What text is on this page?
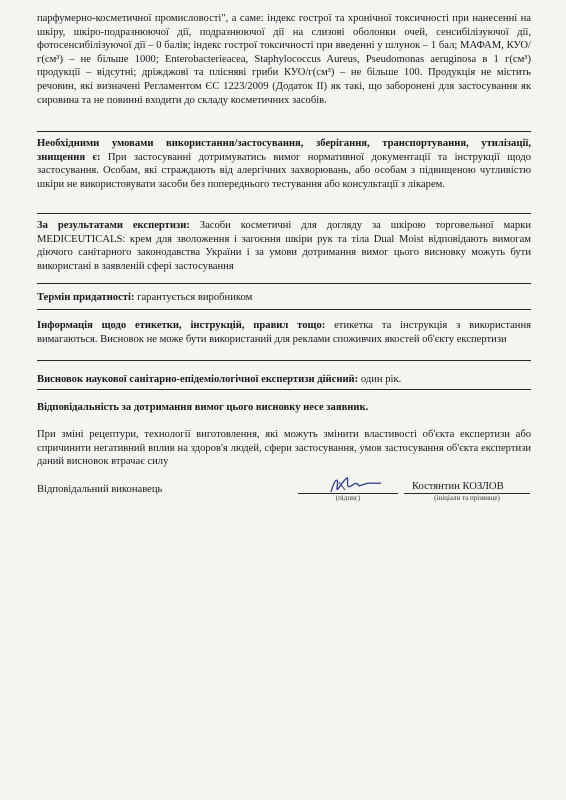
парфумерно-косметичної промисловості", а саме: індекс гострої та хронічної токсичності при нанесенні на шкіру, шкіро-подразнюючої дії, подразнюючої дії на слизові оболонки очей, сенсибілізуючої дії, фотосенсибілізуючої дії – 0 балів; індекс гострої токсичності при введенні у шлунок – 1 бал; МАФАМ, КУО/г(см³) – не більше 1000; Enterobacterieacea, Staphylococcus Aureus, Pseudomonas aeruginosa в 1 г(см³) продукції – відсутні; дріжджові та плісняві гриби КУО/г(см³) – не більше 100. Продукція не містить речовин, які визначені Регламентом ЄС 1223/2009 (Додаток II) як такі, що заборонені для застосування як сировина та не повинні входити до складу косметичних засобів.
Необхідними умовами використання/застосування, зберігання, транспортування, утилізації, знищення є: При застосуванні дотримуватись вимог нормативної документації та інструкції щодо застосування. Особам, які страждають від алергічних захворювань, або особам з підвищеною чутливістю шкіри не використовувати засоби без попереднього тестування або консультації з лікарем.
За результатами експертизи: Засоби косметичні для догляду за шкірою торговельної марки MEDICEUTICALS: крем для зволоження і загоєння шкіри рук та тіла Dual Moist відповідають вимогам діючого санітарного законодавства України і за умови дотримання вимог цього висновку можуть бути використані в заявленій сфері застосування
Термін придатності: гарантується виробником
Інформація щодо етикетки, інструкцій, правил тощо: етикетка та інструкція з використання вимагаються. Висновок не може бути використаний для реклами споживчих якостей об'єкту експертизи
Висновок наукової санітарно-епідеміологічної експертизи дійсний: один рік.
Відповідальність за дотримання вимог цього висновку несе заявник.
При зміні рецептури, технології виготовлення, які можуть змінити властивості об'єкта експертизи або спричинити негативний вплив на здоров'я людей, сфери застосування, умов застосування об'єкта експертизи даний висновок втрачає силу
Відповідальний виконавець
(підпис)
Костянтин КОЗЛОВ
(ініціали та прізвище)
